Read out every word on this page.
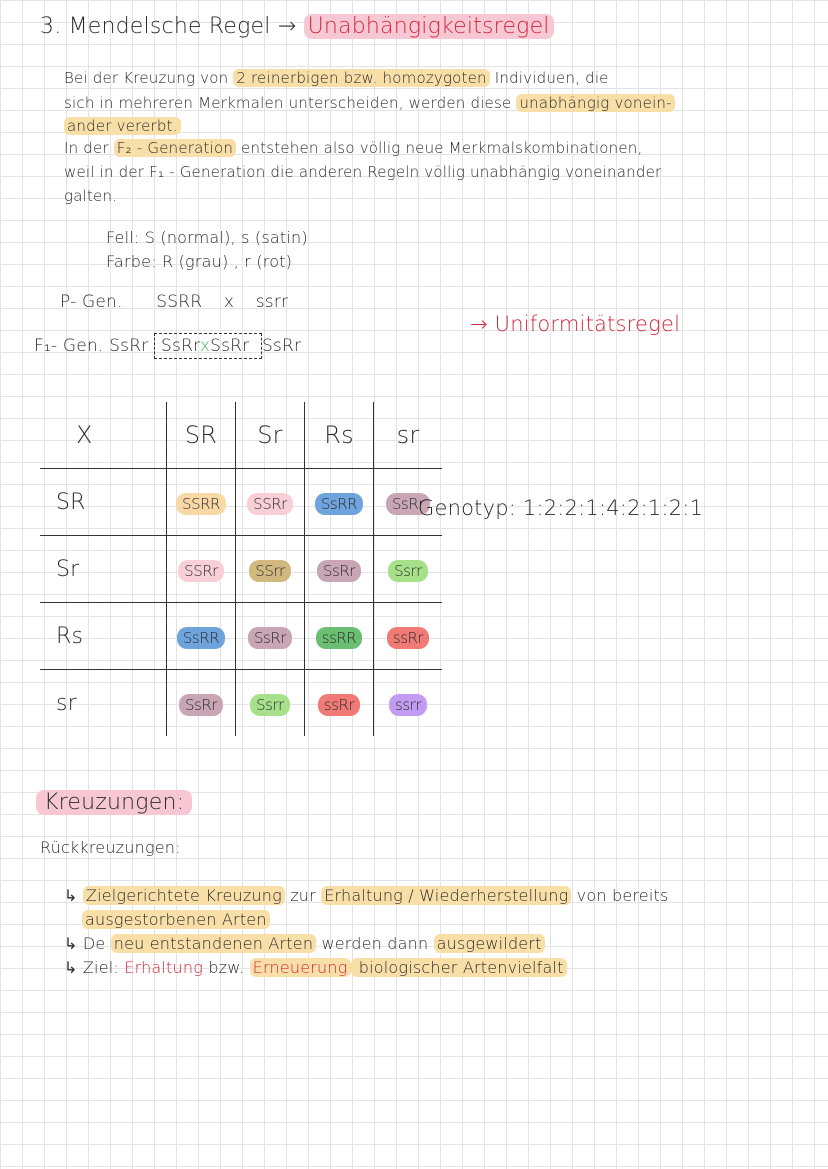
3. Mendelsche Regel → Unabhängigkeitsregel
Bei der Kreuzung von 2 reinerbigen bzw. homozygoten Individuen, die
sich in mehreren Merkmalen unterscheiden, werden diese unabhängig vonein-
ander vererbt.
In der F₂ - Generation entstehen also völlig neue Merkmalskombinationen,
weil in der F₁ - Generation die anderen Regeln völlig unabhängig voneinander
galten.
Fell: S (normal), s (satin)
Farbe: R (grau) , r (rot)
P- Gen. SSRR x ssrr
F₁- Gen. SsRr SsRrxSsRr SsRr
→ Uniformitätsregel
X	SR	Sr	Rs	sr
SR	SSRR	SSRr	SsRR	SsRr
Sr	SSRr	SSrr	SsRr	Ssrr
Rs	SsRR	SsRr	ssRR	ssRr
sr	SsRr	Ssrr	ssRr	ssrr
Genotyp: 1:2:2:1:4:2:1:2:1
Kreuzungen:
Rückkreuzungen:
↳ Zielgerichtete Kreuzung zur Erhaltung / Wiederherstellung von bereits
ausgestorbenen Arten
↳ De neu entstandenen Arten werden dann ausgewildert
↳ Ziel: Erhaltung bzw. Erneuerung biologischer Artenvielfalt
